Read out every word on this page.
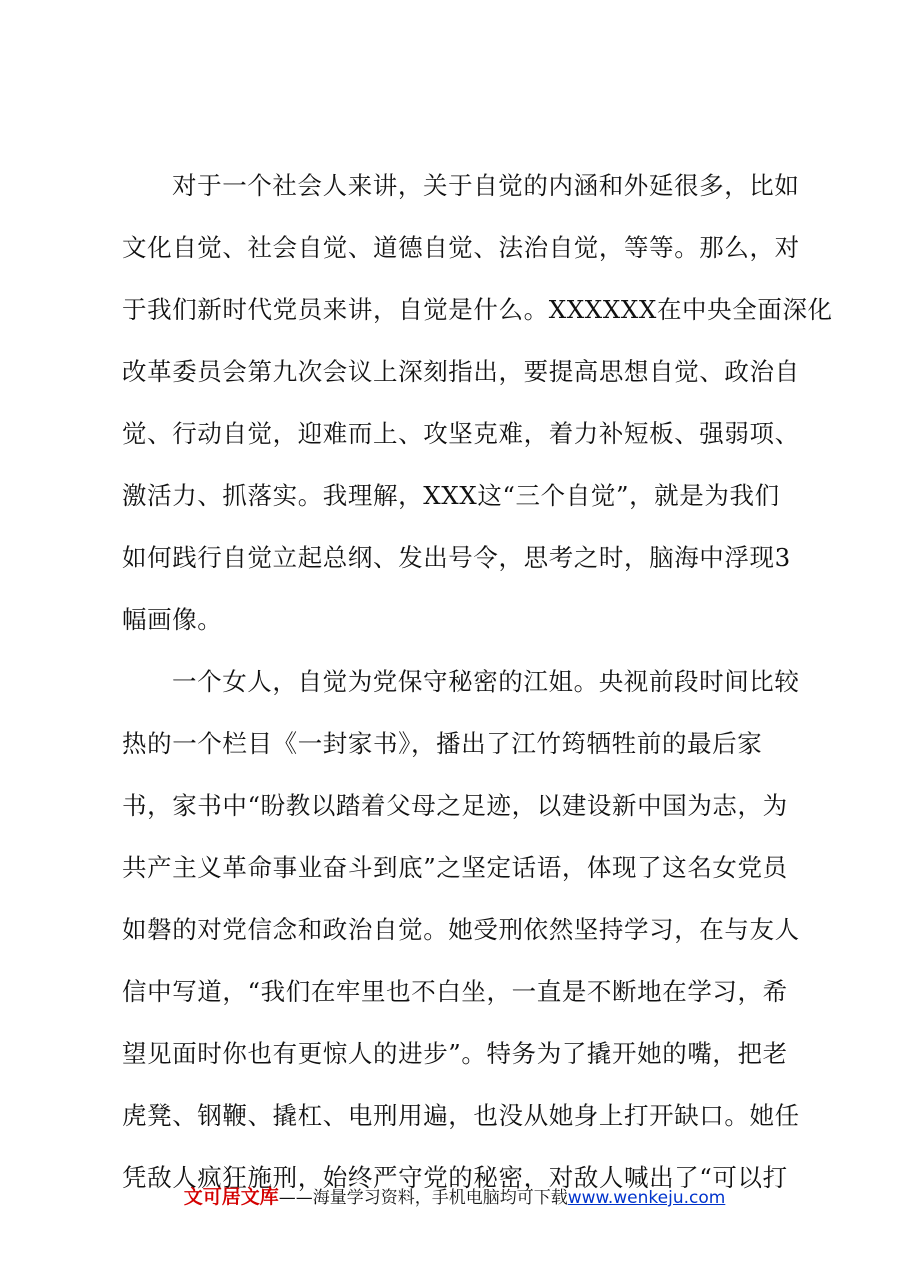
对于一个社会人来讲，关于自觉的内涵和外延很多，比如
文化自觉、社会自觉、道德自觉、法治自觉，等等。那么，对
于我们新时代党员来讲，自觉是什么。XXXXXX在中央全面深化
改革委员会第九次会议上深刻指出，要提高思想自觉、政治自
觉、行动自觉，迎难而上、攻坚克难，着力补短板、强弱项、
激活力、抓落实。我理解，XXX这“三个自觉”，就是为我们
如何践行自觉立起总纲、发出号令，思考之时，脑海中浮现3
幅画像。
一个女人，自觉为党保守秘密的江姐。央视前段时间比较
热的一个栏目《一封家书》，播出了江竹筠牺牲前的最后家
书，家书中“盼教以踏着父母之足迹，以建设新中国为志，为
共产主义革命事业奋斗到底”之坚定话语，体现了这名女党员
如磐的对党信念和政治自觉。她受刑依然坚持学习，在与友人
信中写道，“我们在牢里也不白坐，一直是不断地在学习，希
望见面时你也有更惊人的进步”。特务为了撬开她的嘴，把老
虎凳、钢鞭、撬杠、电刑用遍，也没从她身上打开缺口。她任
凭敌人疯狂施刑，始终严守党的秘密，对敌人喊出了“可以打
文可居文库——海量学习资料，手机电脑均可下载www.wenkeju.com
